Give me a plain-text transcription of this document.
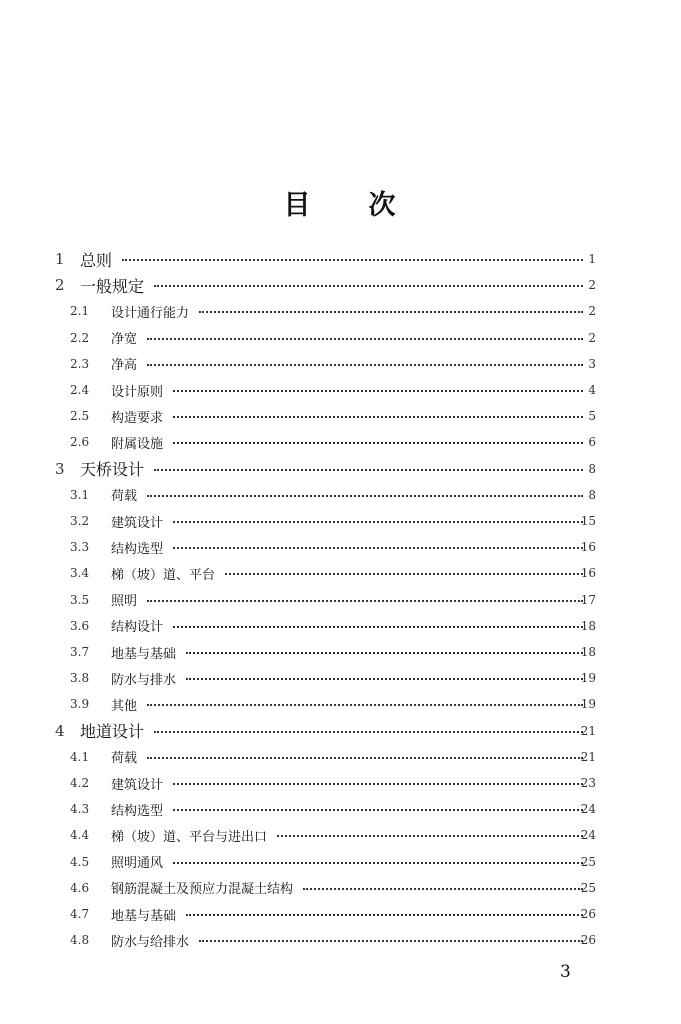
目 次
1 总则	1
2 一般规定	2
2.1 设计通行能力	2
2.2 净宽	2
2.3 净高	3
2.4 设计原则	4
2.5 构造要求	5
2.6 附属设施	6
3 天桥设计	8
3.1 荷载	8
3.2 建筑设计	15
3.3 结构选型	16
3.4 梯（坡）道、平台	16
3.5 照明	17
3.6 结构设计	18
3.7 地基与基础	18
3.8 防水与排水	19
3.9 其他	19
4 地道设计	21
4.1 荷载	21
4.2 建筑设计	23
4.3 结构选型	24
4.4 梯（坡）道、平台与进出口	24
4.5 照明通风	25
4.6 钢筋混凝土及预应力混凝土结构	25
4.7 地基与基础	26
4.8 防水与给排水	26
3
